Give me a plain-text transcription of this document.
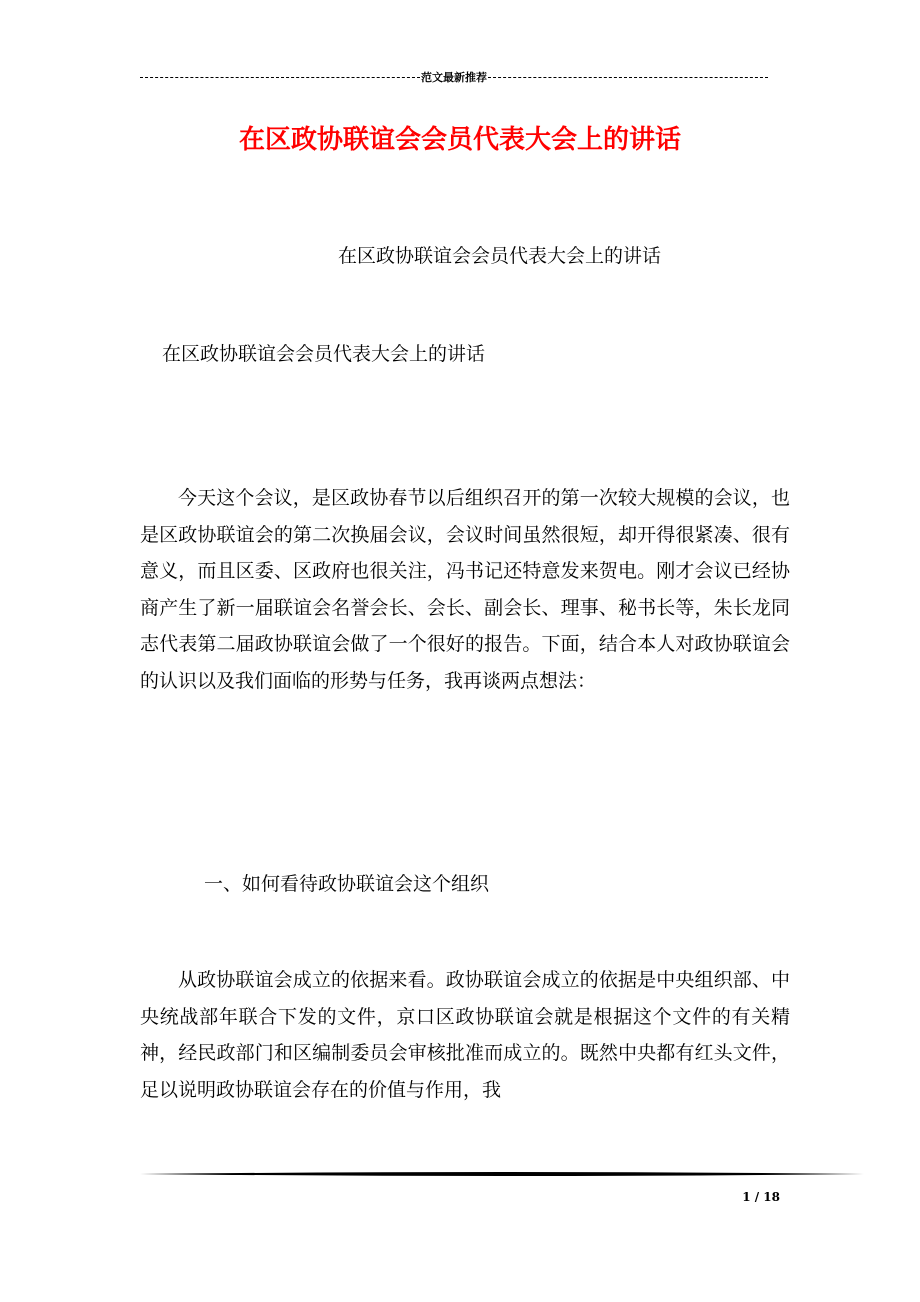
范文最新推荐
在区政协联谊会会员代表大会上的讲话
在区政协联谊会会员代表大会上的讲话
在区政协联谊会会员代表大会上的讲话

今天这个会议，是区政协春节以后组织召开的第一次较大规模的会议，也是区政协联谊会的第二次换届会议，会议时间虽然很短，却开得很紧凑、很有意义，而且区委、区政府也很关注，冯书记还特意发来贺电。刚才会议已经协商产生了新一届联谊会名誉会长、会长、副会长、理事、秘书长等，朱长龙同志代表第二届政协联谊会做了一个很好的报告。下面，结合本人对政协联谊会的认识以及我们面临的形势与任务，我再谈两点想法：

一、如何看待政协联谊会这个组织

从政协联谊会成立的依据来看。政协联谊会成立的依据是中央组织部、中央统战部年联合下发的文件，京口区政协联谊会就是根据这个文件的有关精神，经民政部门和区编制委员会审核批准而成立的。既然中央都有红头文件，足以说明政协联谊会存在的价值与作用，我

1 / 18
